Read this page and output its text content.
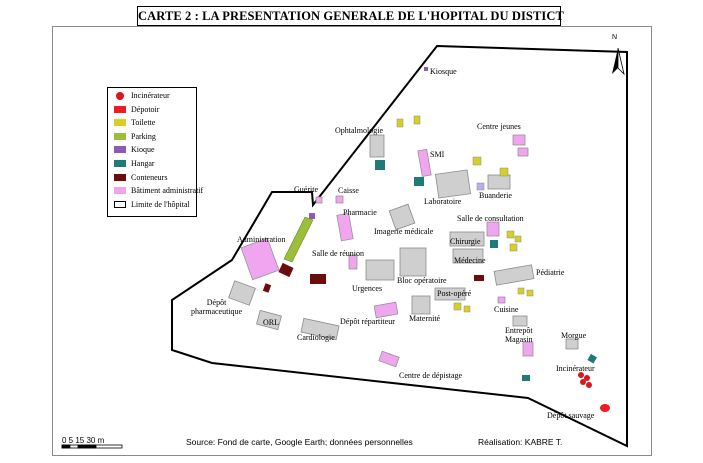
CARTE 2 : LA PRESENTATION GENERALE DE L'HOPITAL DU DISTICT
N
Incinérateur
Dépotoir
Toilette
Parking
Kioque
Hangar
Conteneurs
Bâtiment administratif
Limite de l'hôpital
Kiosque
Ophtalmologie
SMI
Centre jeunes
Guérite	Caisse
Laboratoire
Buanderie
Pharmacie
Salle de consultation
Administration
Imagerie médicale
Chirurgie
Salle de réunion
Médecine
Pédiatrie
Urgences
Bloc opératoire
Dépôt
pharmaceutique
Post-opéré
ORL	Dépôt répartiteur Maternité
Cuisine
Entrepôt
Magasin	Morgue
Cardiologie
Centre de dépistage
Incinérateur
Dépôt sauvage
0 5 15 30 m	Source: Fond de carte, Google Earth; données personnelles	Réalisation: KABRE T.
